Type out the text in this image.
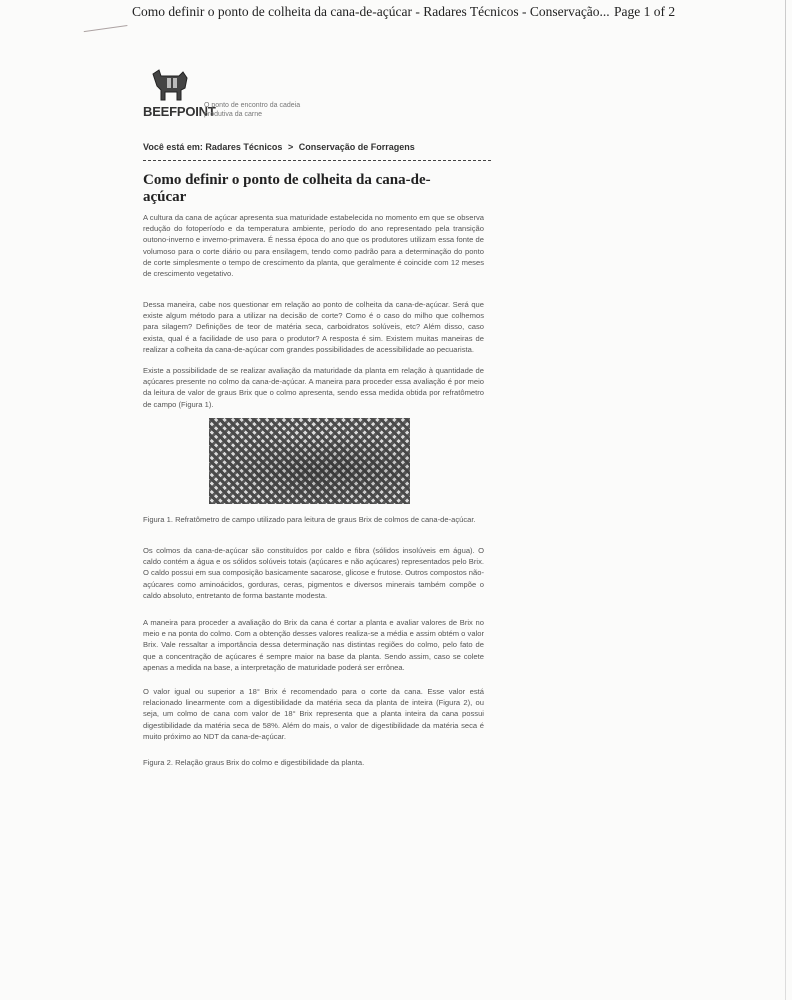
Como definir o ponto de colheita da cana-de-açúcar - Radares Técnicos - Conservação... Page 1 of 2
BEEFPOINT
O ponto de encontro da cadeia produtiva da carne
Você está em: Radares Técnicos > Conservação de Forragens
Como definir o ponto de colheita da cana-de-açúcar

A cultura da cana de açúcar apresenta sua maturidade estabelecida no momento em que se observa redução do fotoperíodo e da temperatura ambiente, período do ano representado pela transição outono-inverno e inverno-primavera. É nessa época do ano que os produtores utilizam essa fonte de volumoso para o corte diário ou para ensilagem, tendo como padrão para a determinação do ponto de corte simplesmente o tempo de crescimento da planta, que geralmente é coincide com 12 meses de crescimento vegetativo.

Dessa maneira, cabe nos questionar em relação ao ponto de colheita da cana-de-açúcar. Será que existe algum método para a utilizar na decisão de corte? Como é o caso do milho que colhemos para silagem? Definições de teor de matéria seca, carboidratos solúveis, etc? Além disso, caso exista, qual é a facilidade de uso para o produtor? A resposta é sim. Existem muitas maneiras de realizar a colheita da cana-de-açúcar com grandes possibilidades de acessibilidade ao pecuarista.

Existe a possibilidade de se realizar avaliação da maturidade da planta em relação à quantidade de açúcares presente no colmo da cana-de-açúcar. A maneira para proceder essa avaliação é por meio da leitura de valor de graus Brix que o colmo apresenta, sendo essa medida obtida por refratômetro de campo (Figura 1).

Figura 1. Refratômetro de campo utilizado para leitura de graus Brix de colmos de cana-de-açúcar.

Os colmos da cana-de-açúcar são constituídos por caldo e fibra (sólidos insolúveis em água). O caldo contém a água e os sólidos solúveis totais (açúcares e não açúcares) representados pelo Brix. O caldo possui em sua composição basicamente sacarose, glicose e frutose. Outros compostos não-açúcares como aminoácidos, gorduras, ceras, pigmentos e diversos minerais também compõe o caldo absoluto, entretanto de forma bastante modesta.

A maneira para proceder a avaliação do Brix da cana é cortar a planta e avaliar valores de Brix no meio e na ponta do colmo. Com a obtenção desses valores realiza-se a média e assim obtém o valor Brix. Vale ressaltar a importância dessa determinação nas distintas regiões do colmo, pelo fato de que a concentração de açúcares é sempre maior na base da planta. Sendo assim, caso se colete apenas a medida na base, a interpretação de maturidade poderá ser errônea.

O valor igual ou superior a 18° Brix é recomendado para o corte da cana. Esse valor está relacionado linearmente com a digestibilidade da matéria seca da planta de inteira (Figura 2), ou seja, um colmo de cana com valor de 18° Brix representa que a planta inteira da cana possui digestibilidade da matéria seca de 58%. Além do mais, o valor de digestibilidade da matéria seca é muito próximo ao NDT da cana-de-açúcar.

Figura 2. Relação graus Brix do colmo e digestibilidade da planta.
